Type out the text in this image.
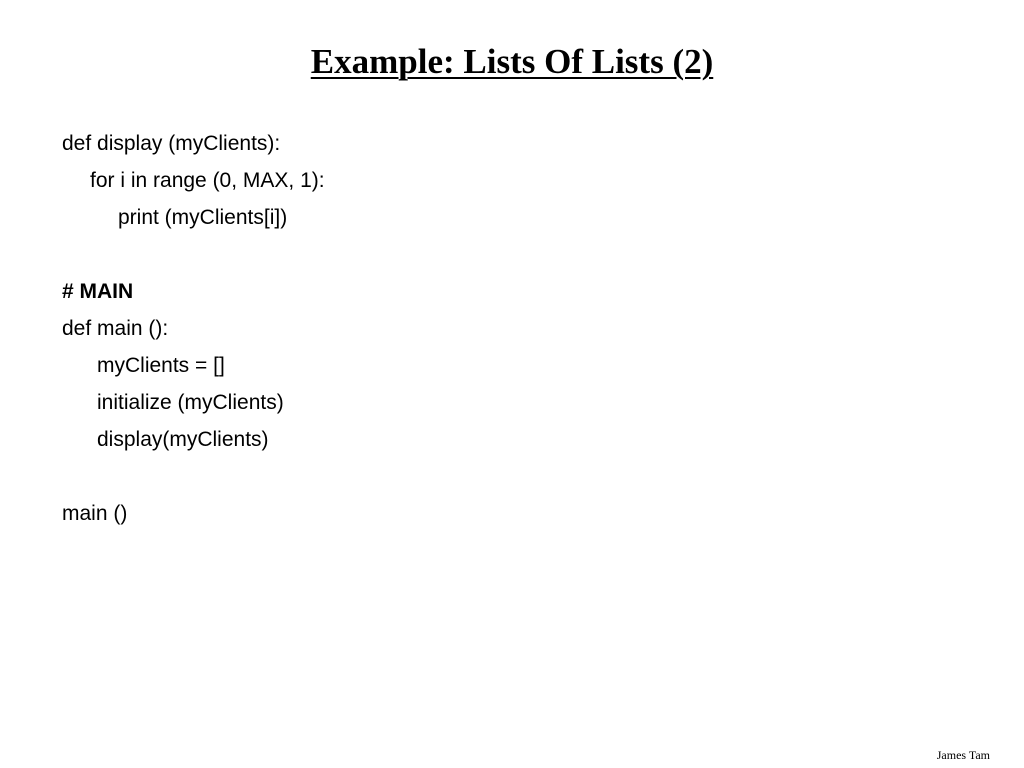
Example: Lists Of Lists (2)
def display (myClients):
for i in range (0, MAX, 1):
print (myClients[i])
# MAIN
def main ():
myClients = []
initialize (myClients)
display(myClients)
main ()
James Tam
